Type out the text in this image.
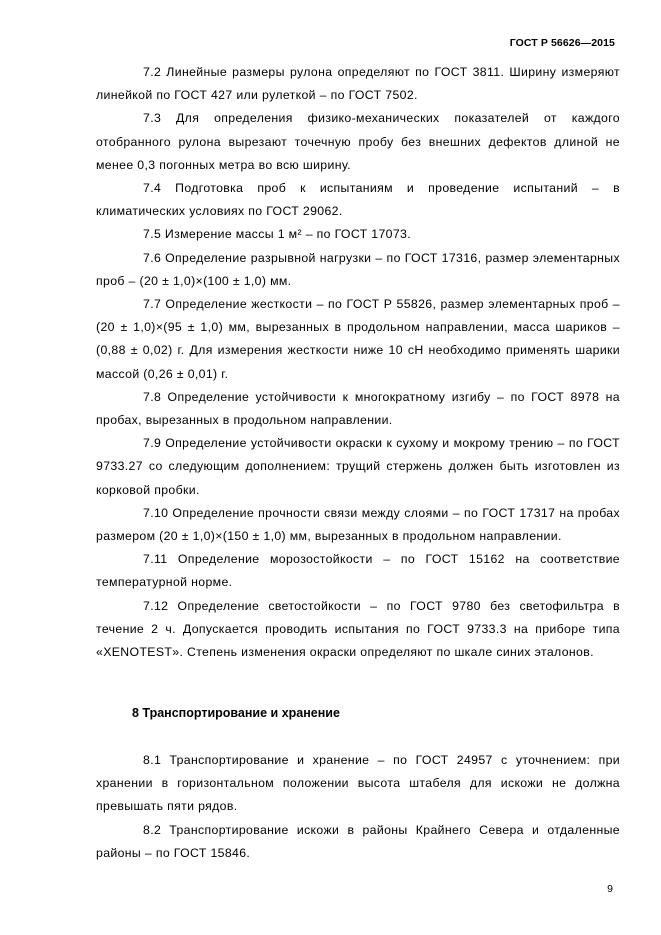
ГОСТ Р 56626—2015

7.2 Линейные размеры рулона определяют по ГОСТ 3811. Ширину измеряют линейкой по ГОСТ 427 или рулеткой – по ГОСТ 7502.

7.3 Для определения физико-механических показателей от каждого отобранного рулона вырезают точечную пробу без внешних дефектов длиной не менее 0,3 погонных метра во всю ширину.

7.4 Подготовка проб к испытаниям и проведение испытаний – в климатических условиях по ГОСТ 29062.

7.5 Измерение массы 1 м² – по ГОСТ 17073.

7.6 Определение разрывной нагрузки – по ГОСТ 17316, размер элементарных проб – (20 ± 1,0)×(100 ± 1,0) мм.

7.7 Определение жесткости – по ГОСТ Р 55826, размер элементарных проб – (20 ± 1,0)×(95 ± 1,0) мм, вырезанных в продольном направлении, масса шариков – (0,88 ± 0,02) г. Для измерения жесткости ниже 10 сН необходимо применять шарики массой (0,26 ± 0,01) г.

7.8 Определение устойчивости к многократному изгибу – по ГОСТ 8978 на пробах, вырезанных в продольном направлении.

7.9 Определение устойчивости окраски к сухому и мокрому трению – по ГОСТ 9733.27 со следующим дополнением: трущий стержень должен быть изготовлен из корковой пробки.

7.10 Определение прочности связи между слоями – по ГОСТ 17317 на пробах размером (20 ± 1,0)×(150 ± 1,0) мм, вырезанных в продольном направлении.

7.11 Определение морозостойкости – по ГОСТ 15162 на соответствие температурной норме.

7.12 Определение светостойкости – по ГОСТ 9780 без светофильтра в течение 2 ч. Допускается проводить испытания по ГОСТ 9733.3 на приборе типа «XENOTEST». Степень изменения окраски определяют по шкале синих эталонов.

8 Транспортирование и хранение

8.1 Транспортирование и хранение – по ГОСТ 24957 с уточнением: при хранении в горизонтальном положении высота штабеля для искожи не должна превышать пяти рядов.

8.2 Транспортирование искожи в районы Крайнего Севера и отдаленные районы – по ГОСТ 15846.

9
